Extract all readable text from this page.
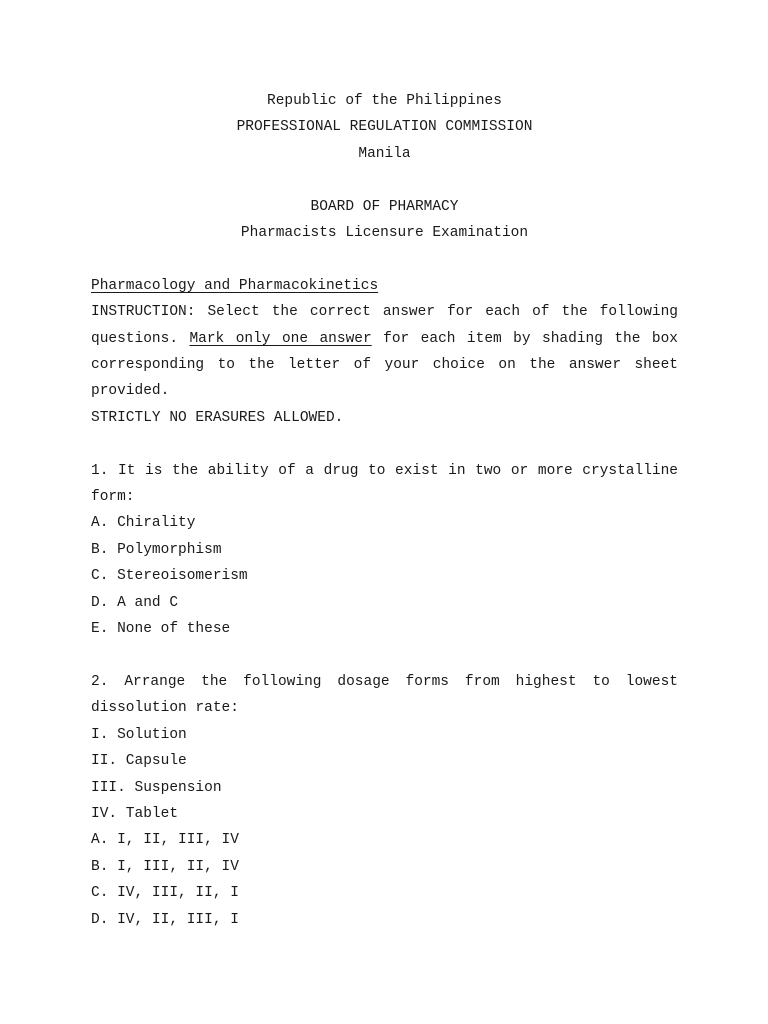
Republic of the Philippines
PROFESSIONAL REGULATION COMMISSION
Manila
BOARD OF PHARMACY
Pharmacists Licensure Examination
Pharmacology and Pharmacokinetics
INSTRUCTION: Select the correct answer for each of the following
questions. Mark only one answer for each item by shading the box
corresponding to the letter of your choice on the answer sheet
provided.
STRICTLY NO ERASURES ALLOWED.
1. It is the ability of a drug to exist in two or more crystalline
form:
A. Chirality
B. Polymorphism
C. Stereoisomerism
D. A and C
E. None of these
2. Arrange the following dosage forms from highest to lowest
dissolution rate:
I. Solution
II. Capsule
III. Suspension
IV. Tablet
A. I, II, III, IV
B. I, III, II, IV
C. IV, III, II, I
D. IV, II, III, I
